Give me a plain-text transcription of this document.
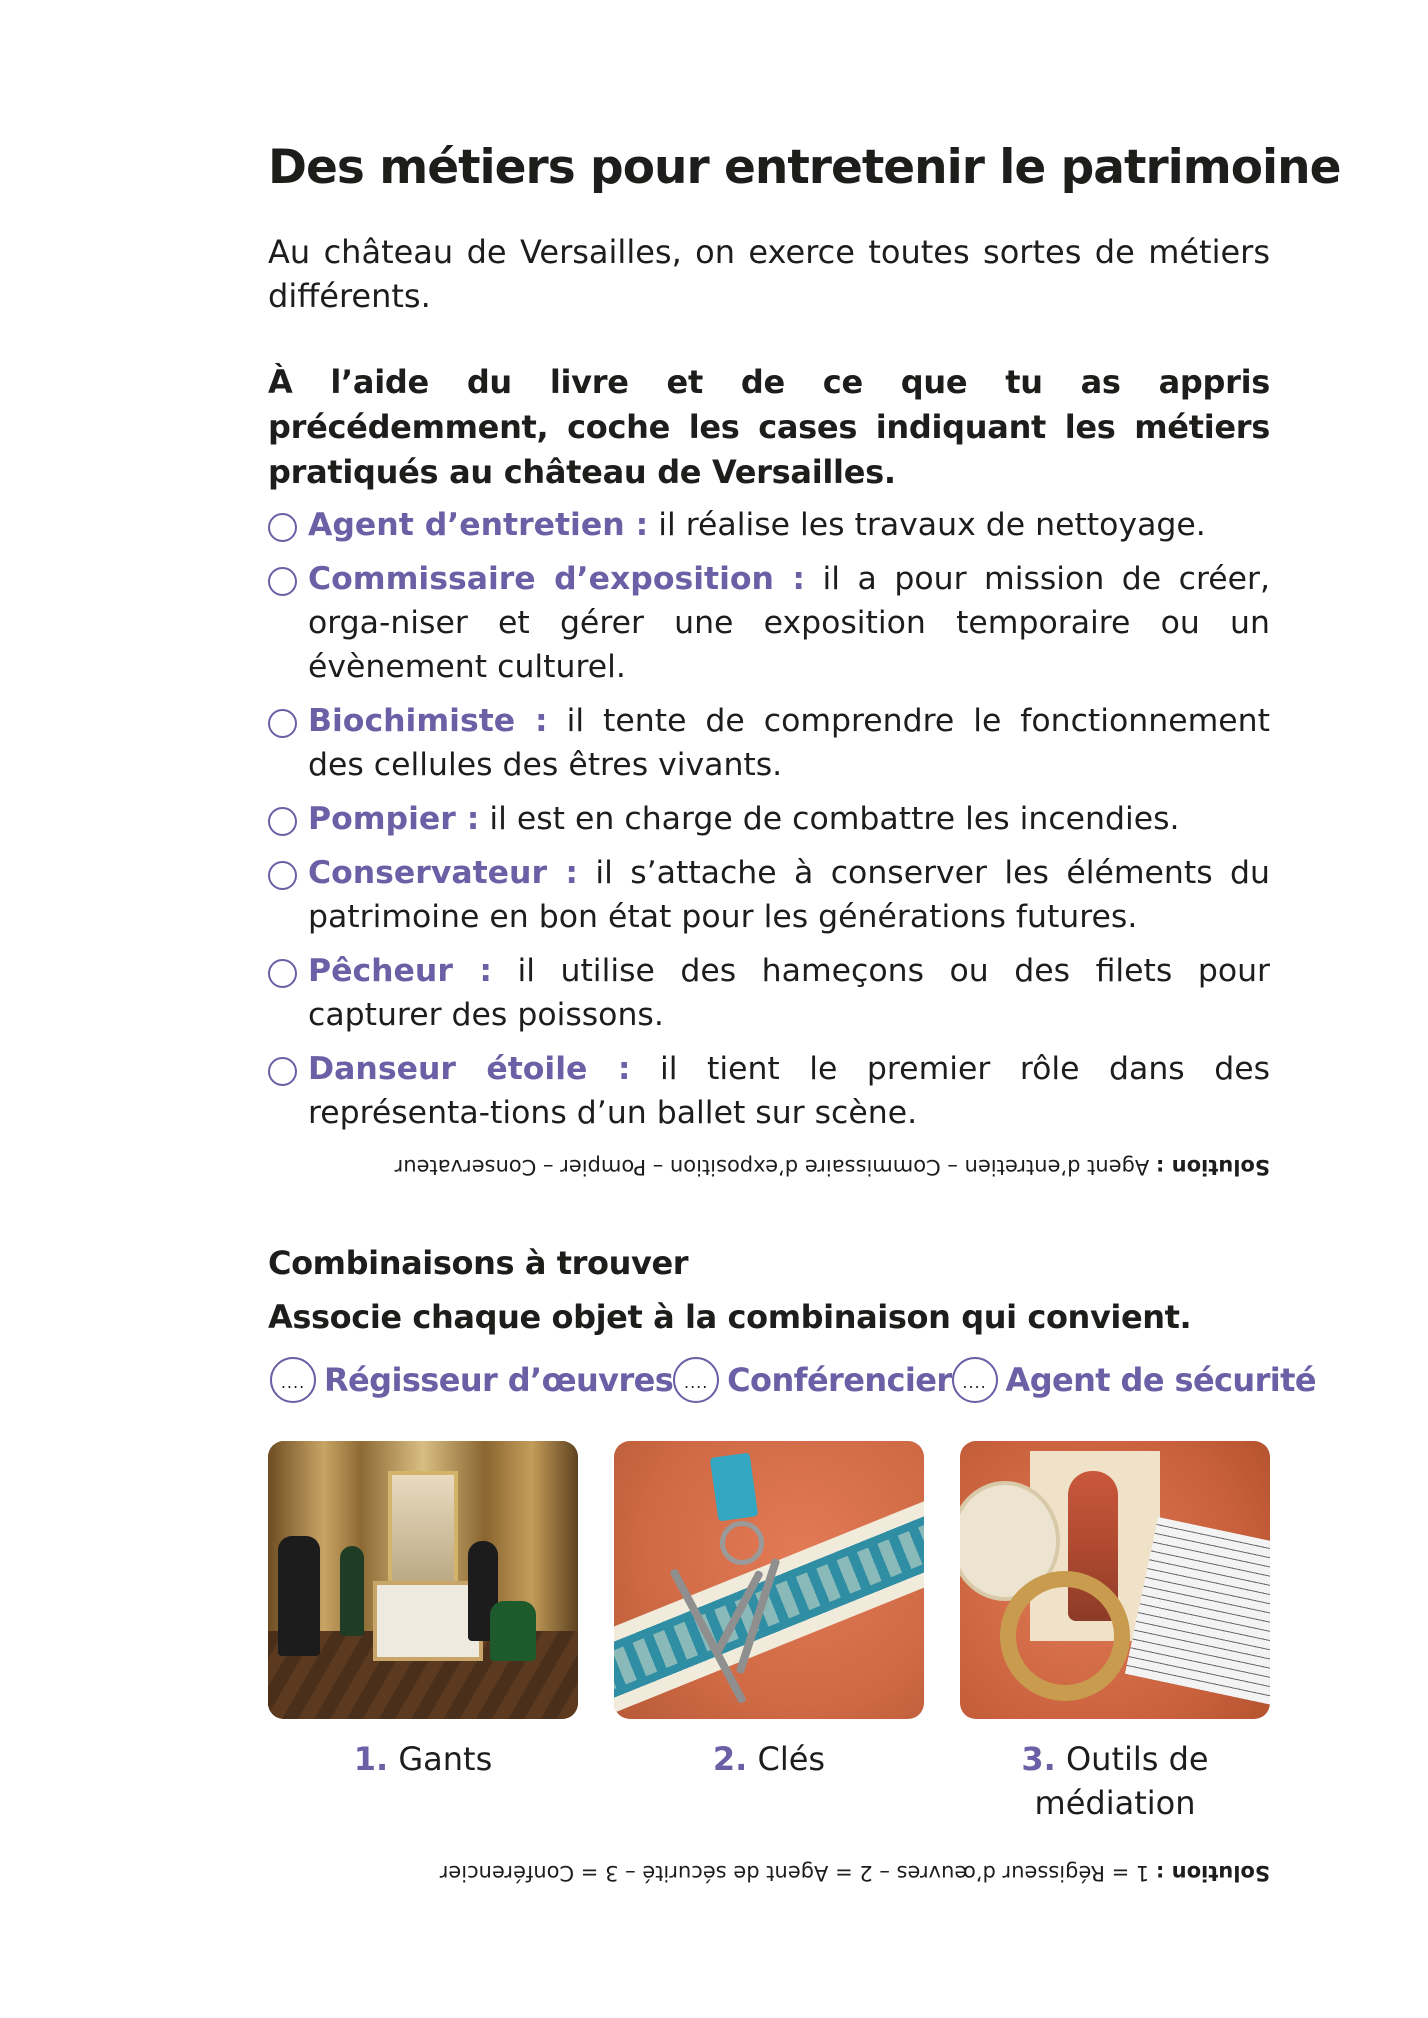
Des métiers pour entretenir le patrimoine

Au château de Versailles, on exerce toutes sortes de métiers différents.

À l’aide du livre et de ce que tu as appris précédemment, coche les cases indiquant les métiers pratiqués au château de Versailles.

Agent d’entretien : il réalise les travaux de nettoyage.
Commissaire d’exposition : il a pour mission de créer, orga-niser et gérer une exposition temporaire ou un évènement culturel.
Biochimiste : il tente de comprendre le fonctionnement des cellules des êtres vivants.
Pompier : il est en charge de combattre les incendies.
Conservateur : il s’attache à conserver les éléments du patrimoine en bon état pour les générations futures.
Pêcheur : il utilise des hameçons ou des filets pour capturer des poissons.
Danseur étoile : il tient le premier rôle dans des représenta-tions d’un ballet sur scène.
Solution : Agent d’entretien – Commissaire d’exposition – Pompier – Conservateur
Combinaisons à trouver

Associe chaque objet à la combinaison qui convient.

.... Régisseur d’œuvres .... Conférencier .... Agent de sécurité
1. Gants	2. Clés	3. Outils de médiation
Solution : 1 = Régisseur d’œuvres – 2 = Agent de sécurité – 3 = Conférencier
